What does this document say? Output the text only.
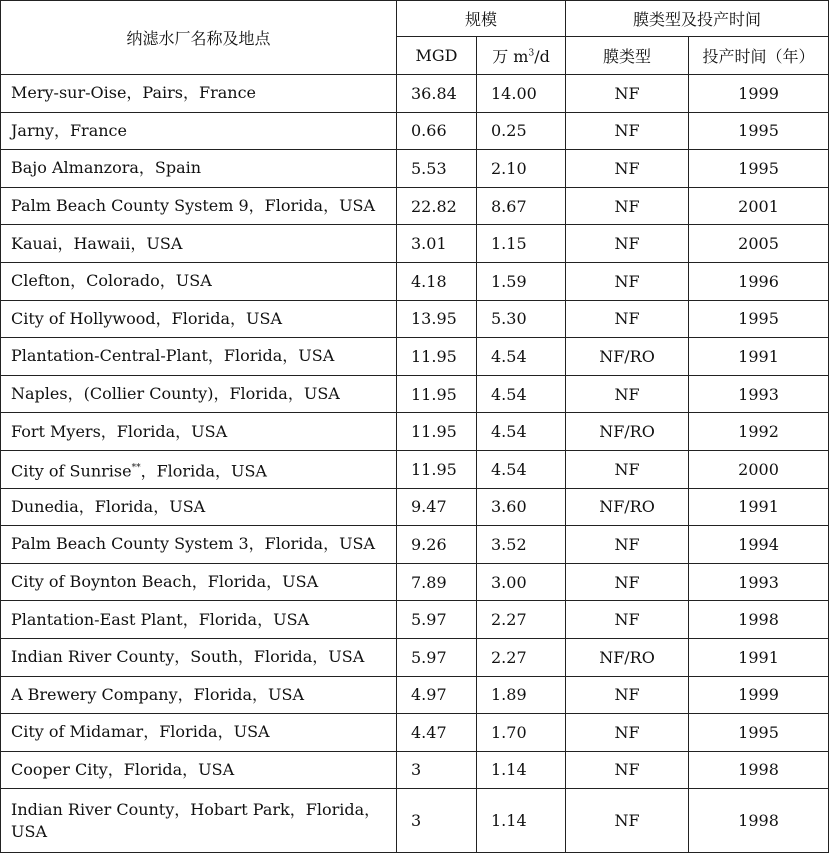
纳滤水厂名称及地点	规模		膜类型及投产时间	
	MGD	万 $m^3/d$	膜类型	投产时间（年）
Mery-sur-Oise，Pairs，France	36.84	14.00	NF	1999
Jarny，France	0.66	0.25	NF	1995
Bajo Almanzora，Spain	5.53	2.10	NF	1995
Palm Beach County System 9，Florida，USA	22.82	8.67	NF	2001
Kauai，Hawaii，USA	3.01	1.15	NF	2005
Clefton，Colorado，USA	4.18	1.59	NF	1996
City of Hollywood，Florida，USA	13.95	5.30	NF	1995
Plantation-Central-Plant，Florida，USA	11.95	4.54	NF/RO	1991
Naples，(Collier County)，Florida，USA	11.95	4.54	NF	1993
Fort Myers，Florida，USA	11.95	4.54	NF/RO	1992
City of Sunrise**，Florida，USA	11.95	4.54	NF	2000
Dunedia，Florida，USA	9.47	3.60	NF/RO	1991
Palm Beach County System 3，Florida，USA	9.26	3.52	NF	1994
City of Boynton Beach，Florida，USA	7.89	3.00	NF	1993
Plantation-East Plant，Florida，USA	5.97	2.27	NF	1998
Indian River County，South，Florida，USA	5.97	2.27	NF/RO	1991
A Brewery Company，Florida，USA	4.97	1.89	NF	1999
City of Midamar，Florida，USA	4.47	1.70	NF	1995
Cooper City，Florida，USA	3	1.14	NF	1998
Indian River County，Hobart Park，Florida，USA	3	1.14	NF	1998
